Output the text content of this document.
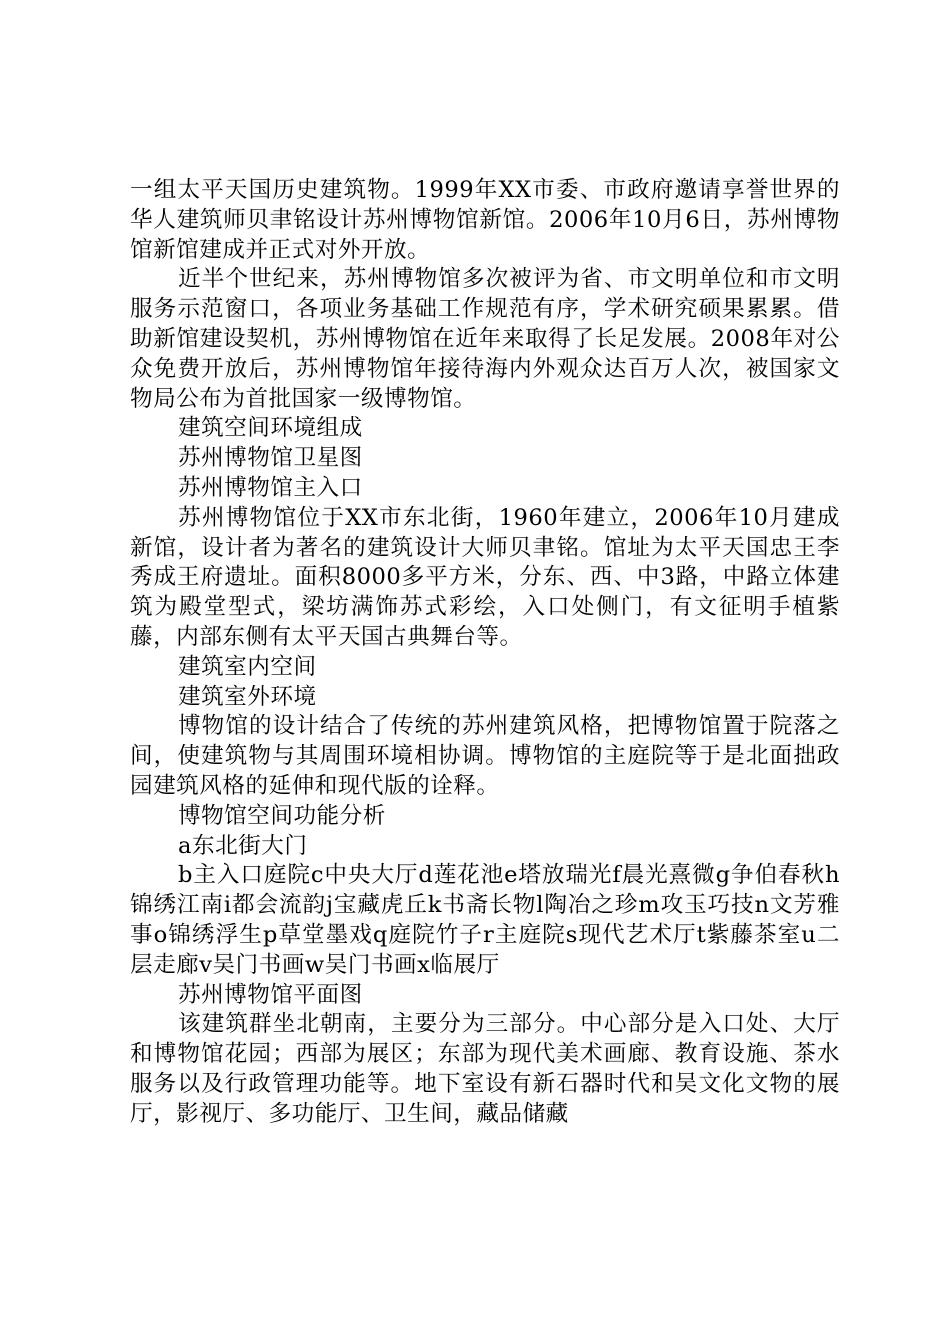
一组太平天国历史建筑物。1999年XX市委、市政府邀请享誉世界的华人建筑师贝聿铭设计苏州博物馆新馆。2006年10月6日，苏州博物馆新馆建成并正式对外开放。

近半个世纪来，苏州博物馆多次被评为省、市文明单位和市文明服务示范窗口，各项业务基础工作规范有序，学术研究硕果累累。借助新馆建设契机，苏州博物馆在近年来取得了长足发展。2008年对公众免费开放后，苏州博物馆年接待海内外观众达百万人次，被国家文物局公布为首批国家一级博物馆。

建筑空间环境组成

苏州博物馆卫星图

苏州博物馆主入口

苏州博物馆位于XX市东北街，1960年建立，2006年10月建成新馆，设计者为著名的建筑设计大师贝聿铭。馆址为太平天国忠王李秀成王府遗址。面积8000多平方米，分东、西、中3路，中路立体建筑为殿堂型式，梁坊满饰苏式彩绘，入口处侧门，有文征明手植紫藤，内部东侧有太平天国古典舞台等。

建筑室内空间

建筑室外环境

博物馆的设计结合了传统的苏州建筑风格，把博物馆置于院落之间，使建筑物与其周围环境相协调。博物馆的主庭院等于是北面拙政园建筑风格的延伸和现代版的诠释。

博物馆空间功能分析

a东北街大门

b主入口庭院c中央大厅d莲花池e塔放瑞光f晨光熹微g争伯春秋h锦绣江南i都会流韵j宝藏虎丘k书斋长物l陶冶之珍m攻玉巧技n文芳雅事o锦绣浮生p草堂墨戏q庭院竹子r主庭院s现代艺术厅t紫藤茶室u二层走廊v吴门书画w吴门书画x临展厅

苏州博物馆平面图

该建筑群坐北朝南，主要分为三部分。中心部分是入口处、大厅和博物馆花园；西部为展区；东部为现代美术画廊、教育设施、茶水服务以及行政管理功能等。地下室设有新石器时代和吴文化文物的展厅，影视厅、多功能厅、卫生间，藏品储藏
